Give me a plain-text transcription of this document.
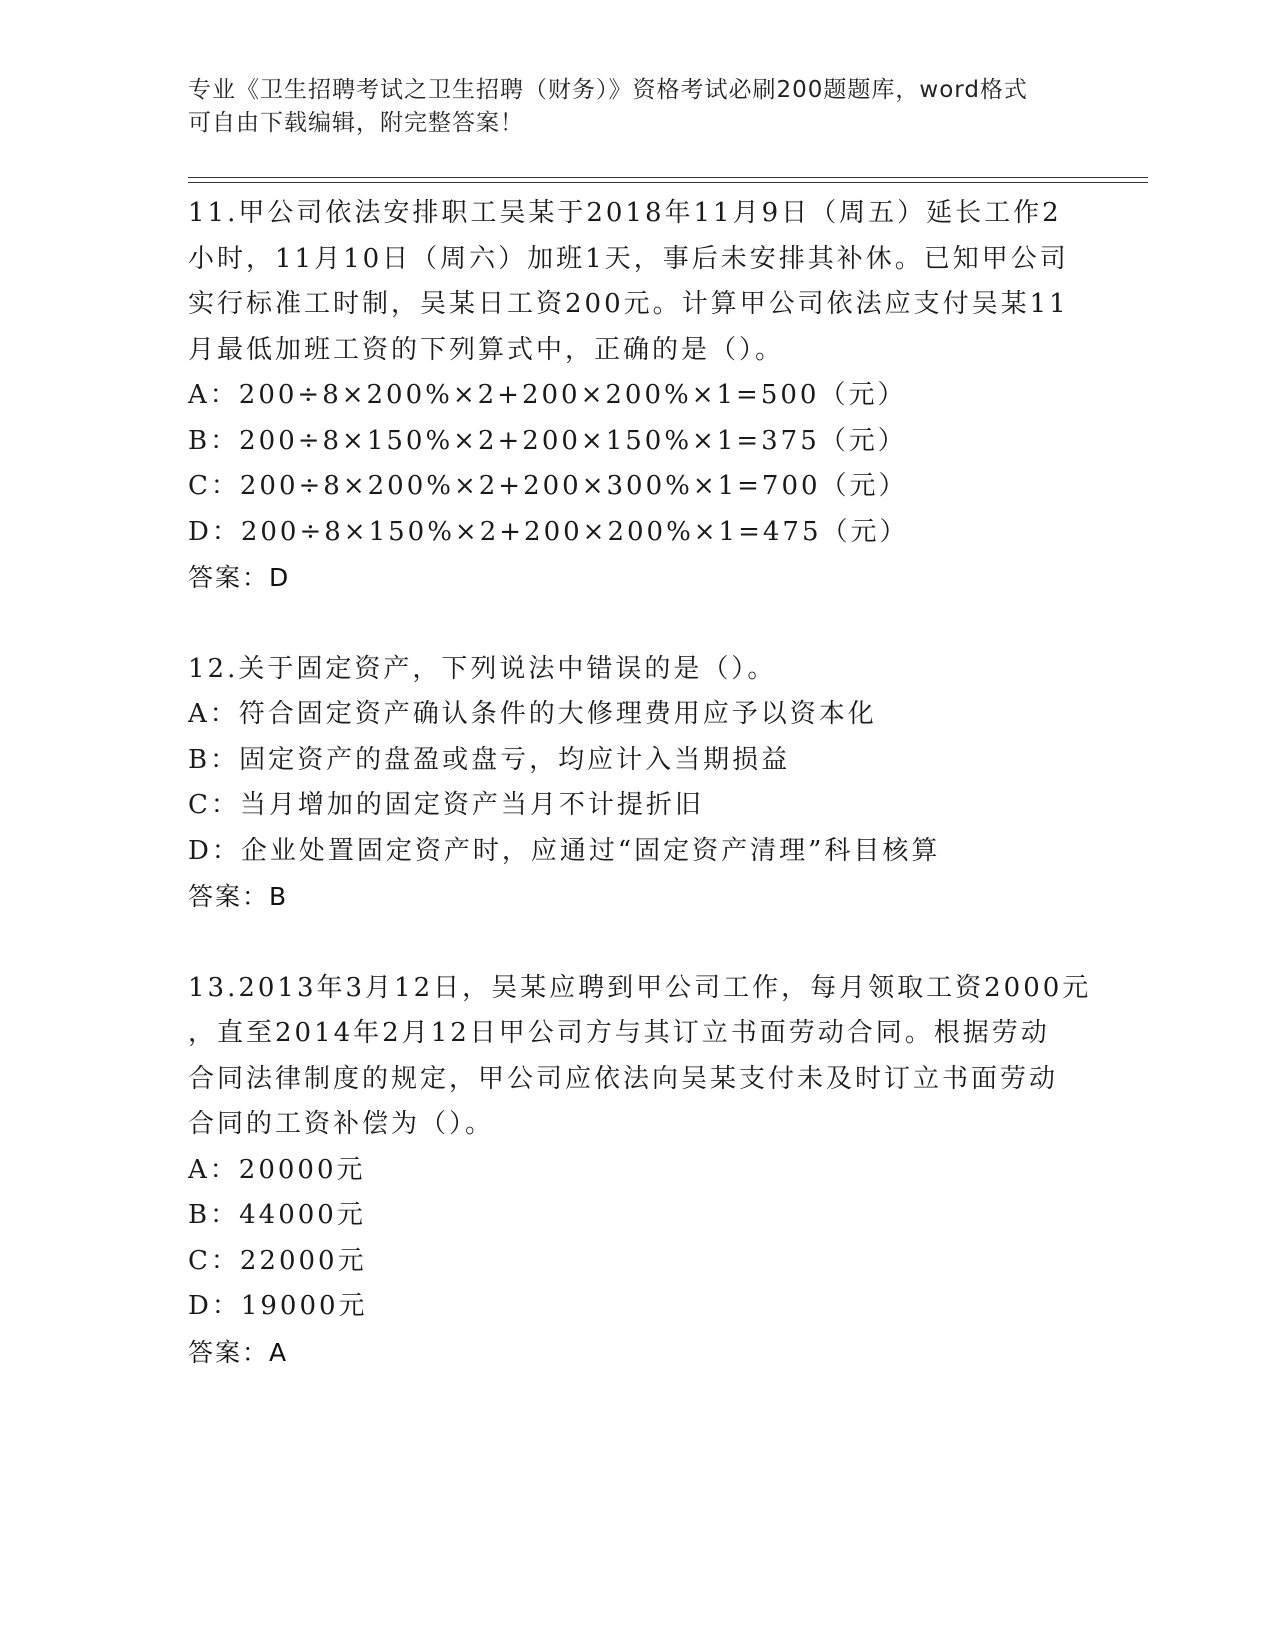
专业《卫生招聘考试之卫生招聘（财务）》资格考试必刷200题题库，word格式
可自由下载编辑，附完整答案！
11.甲公司依法安排职工吴某于2018年11月9日（周五）延长工作2
小时，11月10日（周六）加班1天，事后未安排其补休。已知甲公司
实行标准工时制，吴某日工资200元。计算甲公司依法应支付吴某11
月最低加班工资的下列算式中，正确的是（）。
A：200÷8×200%×2+200×200%×1=500（元）
B：200÷8×150%×2+200×150%×1=375（元）
C：200÷8×200%×2+200×300%×1=700（元）
D：200÷8×150%×2+200×200%×1=475（元）
答案：D
12.关于固定资产，下列说法中错误的是（）。
A：符合固定资产确认条件的大修理费用应予以资本化
B：固定资产的盘盈或盘亏，均应计入当期损益
C：当月增加的固定资产当月不计提折旧
D：企业处置固定资产时，应通过“固定资产清理”科目核算
答案：B
13.2013年3月12日，吴某应聘到甲公司工作，每月领取工资2000元
，直至2014年2月12日甲公司方与其订立书面劳动合同。根据劳动
合同法律制度的规定，甲公司应依法向吴某支付未及时订立书面劳动
合同的工资补偿为（）。
A：20000元
B：44000元
C：22000元
D：19000元
答案：A
